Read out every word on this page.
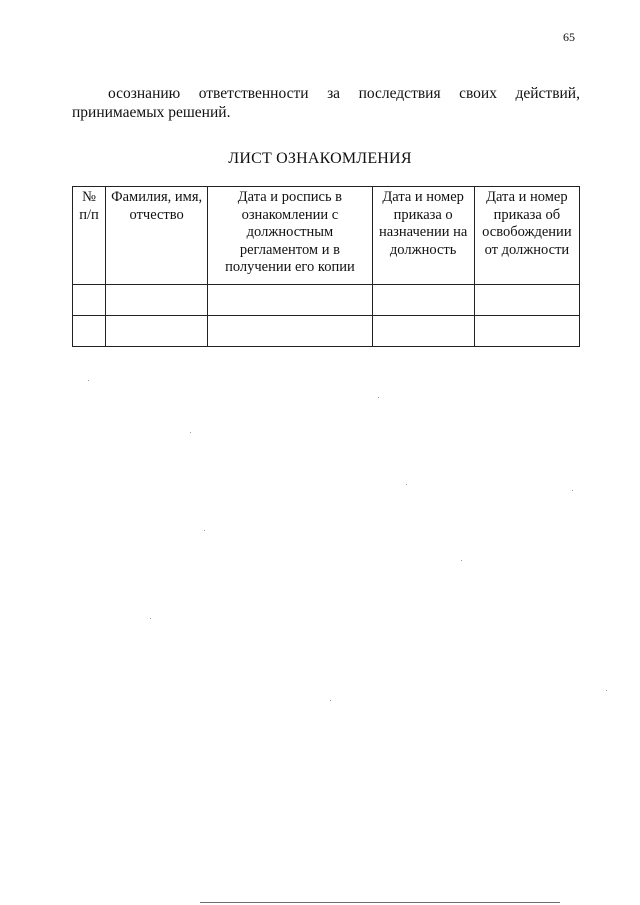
65
осознанию ответственности за последствия своих действий,
принимаемых решений.
ЛИСТ ОЗНАКОМЛЕНИЯ
№ п/п	Фамилия, имя, отчество	Дата и роспись в ознакомлении с должностным регламентом и в получении его копии	Дата и номер приказа о назначении на должность	Дата и номер приказа об освобождении от должности
